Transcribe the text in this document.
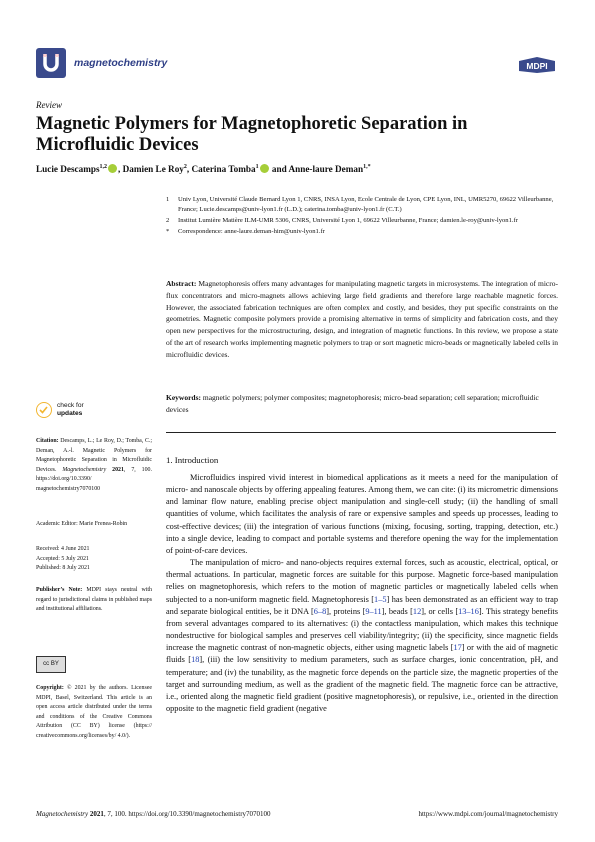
magnetochemistry	MDPI
Review
Magnetic Polymers for Magnetophoretic Separation in Microfluidic Devices
Lucie Descamps$^{1,2}$ , Damien Le Roy$^2$, Caterina Tomba$^1$ and Anne-laure Deman$^{1,*}$
1	Univ Lyon, Université Claude Bernard Lyon 1, CNRS, INSA Lyon, Ecole Centrale de Lyon, CPE Lyon, INL, UMR5270, 69622 Villeurbanne, France; Lucie.descamps@univ-lyon1.fr (L.D.); caterina.tomba@univ-lyon1.fr (C.T.)
2	Institut Lumière Matière ILM-UMR 5306, CNRS, Université Lyon 1, 69622 Villeurbanne, France; damien.le-roy@univ-lyon1.fr
*	Correspondence: anne-laure.deman-him@univ-lyon1.fr
Abstract: Magnetophoresis offers many advantages for manipulating magnetic targets in microsystems. The integration of micro-flux concentrators and micro-magnets allows achieving large field gradients and therefore large reachable magnetic forces. However, the associated fabrication techniques are often complex and costly, and besides, they put specific constraints on the geometries. Magnetic composite polymers provide a promising alternative in terms of simplicity and fabrication costs, and they open new perspectives for the microstructuring, design, and integration of magnetic functions. In this review, we propose a state of the art of research works implementing magnetic polymers to trap or sort magnetic micro-beads or magnetically labeled cells in microfluidic devices.
Keywords: magnetic polymers; polymer composites; magnetophoresis; micro-bead separation; cell separation; microfluidic devices
check for
updates
Citation: Descamps, L.; Le Roy, D.; Tomba, C.; Deman, A.-l. Magnetic Polymers for Magnetophoretic Separation in Microfluidic Devices. Magnetochemistry 2021, 7, 100. https://doi.org/10.3390/ magnetochemistry7070100
Academic Editor: Marie Frenea-Robin
Received: 4 June 2021
Accepted: 5 July 2021
Published: 8 July 2021
Publisher’s Note: MDPI stays neutral with regard to jurisdictional claims in published maps and institutional affiliations.
cc BY
Copyright: © 2021 by the authors. Licensee MDPI, Basel, Switzerland. This article is an open access article distributed under the terms and conditions of the Creative Commons Attribution (CC BY) license (https:// creativecommons.org/licenses/by/ 4.0/).
1. Introduction

Microfluidics inspired vivid interest in biomedical applications as it meets a need for the manipulation of micro- and nanoscale objects by offering appealing features. Among them, we can cite: (i) its micrometric dimensions and laminar flow nature, enabling precise object manipulation and single-cell study; (ii) the handling of small quantities of volume, which facilitates the analysis of rare or expensive samples and speeds up processes, leading to cost-effective devices; (iii) the integration of various functions (mixing, focusing, sorting, trapping, detection, etc.) into a single device, leading to compact and portable systems and therefore opening the way for the implementation of point-of-care devices.

The manipulation of micro- and nano-objects requires external forces, such as acoustic, electrical, optical, or thermal actuations. In particular, magnetic forces are suitable for this purpose. Magnetic force-based manipulation relies on magnetophoresis, which refers to the motion of magnetic particles or magnetically labeled cells when subjected to a non-uniform magnetic field. Magnetophoresis [1–5] has been demonstrated as an efficient way to trap and separate biological entities, be it DNA [6–8], proteins [9–11], beads [12], or cells [13–16]. This strategy benefits from several advantages compared to its alternatives: (i) the contactless manipulation, which makes this technique nondestructive for biological samples and preserves cell viability/integrity; (ii) the specificity, since magnetic fields increase the magnetic contrast of non-magnetic objects, either using magnetic labels [17] or with the aid of magnetic fluids [18], (iii) the low sensitivity to medium parameters, such as surface charges, ionic concentration, pH, and temperature; and (iv) the tunability, as the magnetic force depends on the particle size, the magnetic properties of the target and surrounding medium, as well as the gradient of the magnetic field. The magnetic force can be attractive, i.e., oriented along the magnetic field gradient (positive magnetophoresis), or repulsive, i.e., oriented in the direction opposite to the magnetic field gradient (negative

Magnetochemistry 2021, 7, 100. https://doi.org/10.3390/magnetochemistry7070100	https://www.mdpi.com/journal/magnetochemistry
